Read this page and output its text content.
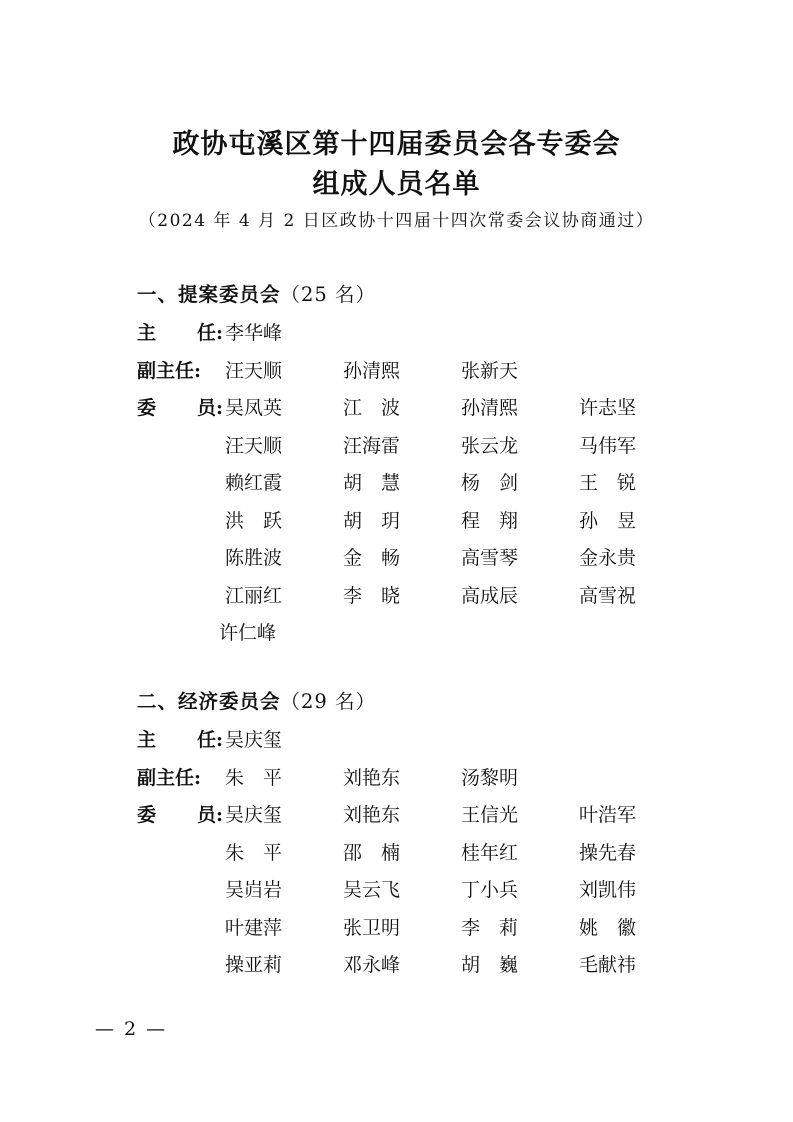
政协屯溪区第十四届委员会各专委会
组成人员名单
（2024 年 4 月 2 日区政协十四届十四次常委会议协商通过）
一、提案委员会（25 名）
主 任: 李华峰
副主任:	汪天顺	孙清熙	张新天
委 员: 吴凤英	江　波	孙清熙	许志坚
汪天顺	汪海雷	张云龙	马伟军
赖红霞	胡　慧	杨　剑	王　锐
洪　跃	胡　玥	程　翔	孙　昱
陈胜波	金　畅	高雪琴	金永贵
江丽红	李　晓	高成辰	高雪祝
许仁峰
二、经济委员会（29 名）
主 任: 吴庆玺
副主任:	朱　平	刘艳东	汤黎明
委 员: 吴庆玺	刘艳东	王信光	叶浩军
朱　平	邵　楠	桂年红	操先春
吴岿岩	吴云飞	丁小兵	刘凯伟
叶建萍	张卫明	李　莉	姚　徽
操亚莉	邓永峰	胡　巍	毛献祎
— 2 —
